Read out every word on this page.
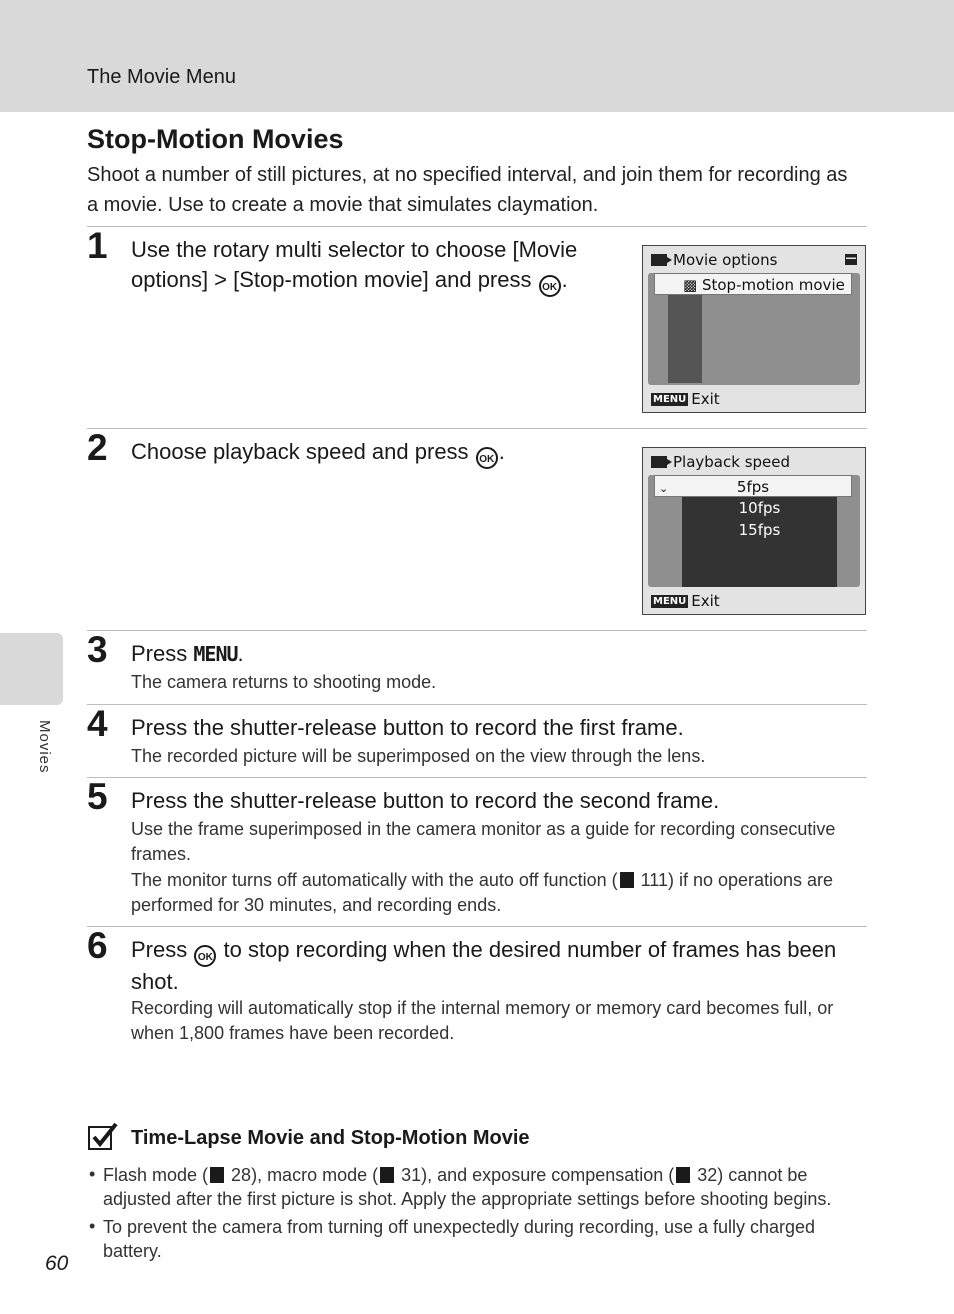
The Movie Menu
Movies
Stop-Motion Movies
Shoot a number of still pictures, at no specified interval, and join them for recording as a movie. Use to create a movie that simulates claymation.
1 Use the rotary multi selector to choose [Movie options] > [Stop-motion movie] and press OK .
Movie options
▩ Stop-motion movie
MENU Exit
2 Choose playback speed and press OK .	Playback speed
10fps
15fps
⌄	5fps
MENU Exit
3 Press MENU.
The camera returns to shooting mode.
4 Press the shutter-release button to record the first frame.
The recorded picture will be superimposed on the view through the lens.
5 Press the shutter-release button to record the second frame.
Use the frame superimposed in the camera monitor as a guide for recording consecutive frames.
The monitor turns off automatically with the auto off function ( 111) if no operations are performed for 30 minutes, and recording ends.
6 Press OK to stop recording when the desired number of frames has been shot.
Recording will automatically stop if the internal memory or memory card becomes full, or when 1,800 frames have been recorded.
Time-Lapse Movie and Stop-Motion Movie
• Flash mode ( 28), macro mode ( 31), and exposure compensation ( 32) cannot be adjusted after the first picture is shot. Apply the appropriate settings before shooting begins.
• To prevent the camera from turning off unexpectedly during recording, use a fully charged battery.
60
